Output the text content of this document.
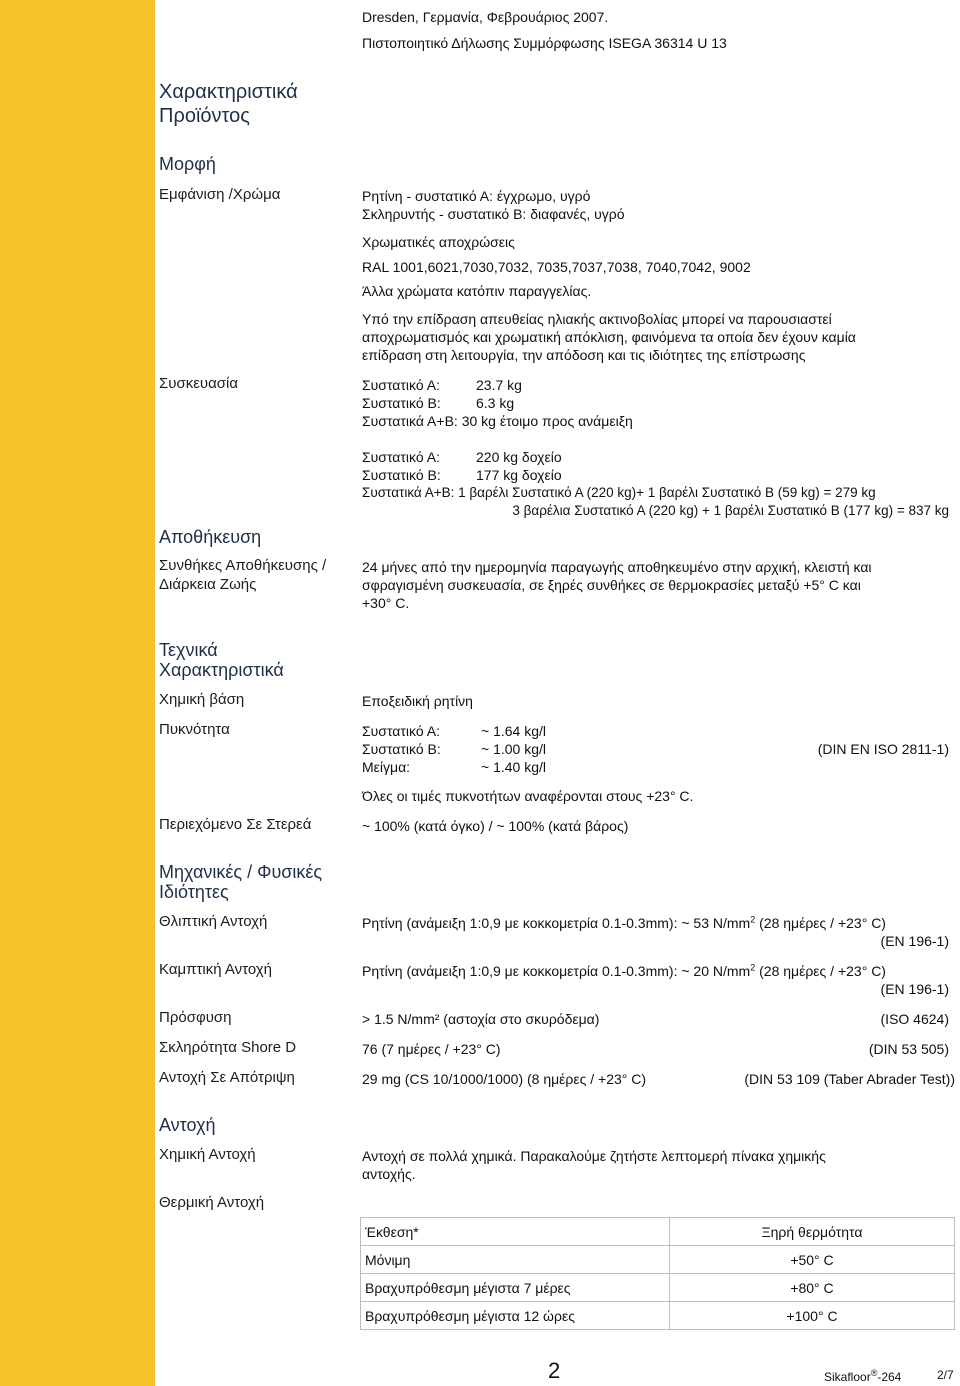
Dresden, Γερμανία, Φεβρουάριος 2007.
Πιστοποιητικό Δήλωσης Συμμόρφωσης ISEGA 36314 U 13
Χαρακτηριστικά
Προϊόντος
Μορφή
Εμφάνιση /Χρώμα	Ρητίνη - συστατικό Α: έγχρωμο, υγρό
Σκληρυντής - συστατικό Β: διαφανές, υγρό
Χρωματικές αποχρώσεις
RAL 1001,6021,7030,7032, 7035,7037,7038, 7040,7042, 9002
Άλλα χρώματα κατόπιν παραγγελίας.
Υπό την επίδραση απευθείας ηλιακής ακτινοβολίας μπορεί να παρουσιαστεί
αποχρωματισμός και χρωματική απόκλιση, φαινόμενα τα οποία δεν έχουν καμία
επίδραση στη λειτουργία, την απόδοση και τις ιδιότητες της επίστρωσης
Συσκευασία	Συστατικό Α:	23.7 kg
Συστατικό Β:	6.3 kg
Συστατικά Α+Β: 30 kg έτοιμο προς ανάμειξη
Συστατικό Α:	220 kg δοχείο
Συστατικό Β:	177 kg δοχείο
Συστατικά Α+Β: 1 βαρέλι Συστατικό Α (220 kg)+ 1 βαρέλι Συστατικό Β (59 kg) = 279 kg
3 βαρέλια Συστατικό Α (220 kg) + 1 βαρέλι Συστατικό Β (177 kg) = 837 kg
Αποθήκευση
Συνθήκες Αποθήκευσης /
Διάρκεια Ζωής
24 μήνες από την ημερομηνία παραγωγής αποθηκευμένο στην αρχική, κλειστή και
σφραγισμένη συσκευασία, σε ξηρές συνθήκες σε θερμοκρασίες μεταξύ +5° C και
+30° C.
Τεχνικά
Χαρακτηριστικά
Χημική βάση	Εποξειδική ρητίνη
Πυκνότητα	Συστατικό Α:	~ 1.64 kg/l
Συστατικό Β:	~ 1.00 kg/l	(DIN EN ISO 2811-1)
Μείγμα:	~ 1.40 kg/l
Όλες οι τιμές πυκνοτήτων αναφέρονται στους +23° C.
Περιεχόμενο Σε Στερεά	~ 100% (κατά όγκο) / ~ 100% (κατά βάρος)
Μηχανικές / Φυσικές
Ιδιότητες
Θλιπτική Αντοχή	Ρητίνη (ανάμειξη 1:0,9 με κοκκομετρία 0.1-0.3mm): ~ 53 $N/mm^2$ (28 ημέρες / +23° C)
(EN 196-1)
Καμπτική Αντοχή	Ρητίνη (ανάμειξη 1:0,9 με κοκκομετρία 0.1-0.3mm): ~ 20 $N/mm^2$ (28 ημέρες / +23° C)
(EN 196-1)
Πρόσφυση	> 1.5 N/mm² (αστοχία στο σκυρόδεμα)	(ISO 4624)
Σκληρότητα Shore D	76 (7 ημέρες / +23° C)	(DIN 53 505)
Αντοχή Σε Απότριψη	29 mg (CS 10/1000/1000) (8 ημέρες / +23° C)	(DIN 53 109 (Taber Abrader Test))
Αντοχή
Χημική Αντοχή	Αντοχή σε πολλά χημικά. Παρακαλούμε ζητήστε λεπτομερή πίνακα χημικής
αντοχής.
Θερμική Αντοχή
Έκθεση*	Ξηρή θερμότητα
Μόνιμη	+50° C
Βραχυπρόθεσμη μέγιστα 7 μέρες	+80° C
Βραχυπρόθεσμη μέγιστα 12 ώρες	+100° C
2	Sikafloor®-264	2/7
